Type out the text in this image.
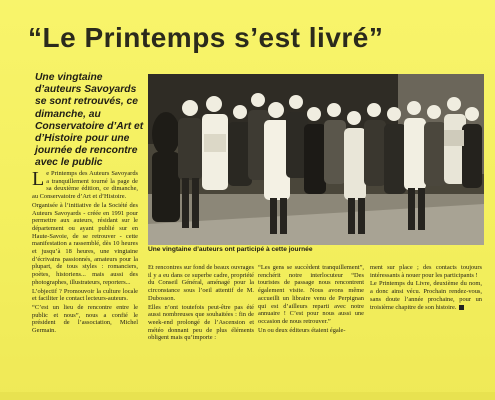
“Le Printemps s’est livré”
Une vingtaine d’auteurs Savoyards se sont retrouvés, ce dimanche, au Conservatoire d’Art et d’Histoire pour une journée de rencontre avec le public
Une vingtaine d’auteurs ont participé à cette journée

Le Printemps des Auteurs Savoyards a tranquillement tourné la page de sa deuxième édition, ce dimanche, au Conservatoire d’Art et d’Histoire.

Organisée à l’initiative de la Société des Auteurs Savoyards - créée en 1991 pour permettre aux auteurs, résidant sur le département ou ayant publié sur en Haute-Savoie, de se retrouver - cette manifestation a rassemblé, dès 10 heures et jusqu’à 18 heures, une vingtaine d’écrivains passionnés, amateurs pour la plupart, de tous styles : romanciers, poètes, historiens... mais aussi des photographes, illustrateurs, reporters...

L’objectif ? Promouvoir la culture locale et faciliter le contact lecteurs-auteurs.

“C’est un lieu de rencontre entre le public et nous”, nous a confié le président de l’association, Michel Germain.

Et rencontres sur fond de beaux ouvrages il y a eu dans ce superbe cadre, propriété du Conseil Général, aménagé pour la circonstance sous l’oeil attentif de M. Dubosson.

Elles n’ont toutefois peut-être pas été aussi nombreuses que souhaitées : fin de week-end prolongé de l’Ascension et météo donnant peu de plus éléments obligent mais qu’importe :

“Les gens se succèdent tranquillement”, renchérit notre interlocuteur “Des touristes de passage nous rencontrent également visite. Nous avons même accueilli un libraire venu de Perpignan qui est d’ailleurs reparti avec notre annuaire ! C’est pour nous aussi une occasion de nous retrouver.”

Un ou deux éditeurs étaient égale-

ment sur place ; des contacts toujours intéressants à nouer pour les participants !

Le Printemps du Livre, deuxième du nom, a donc ainsi vécu. Prochain rendez-vous, sans doute l’année prochaine, pour un troisième chapitre de son histoire.
